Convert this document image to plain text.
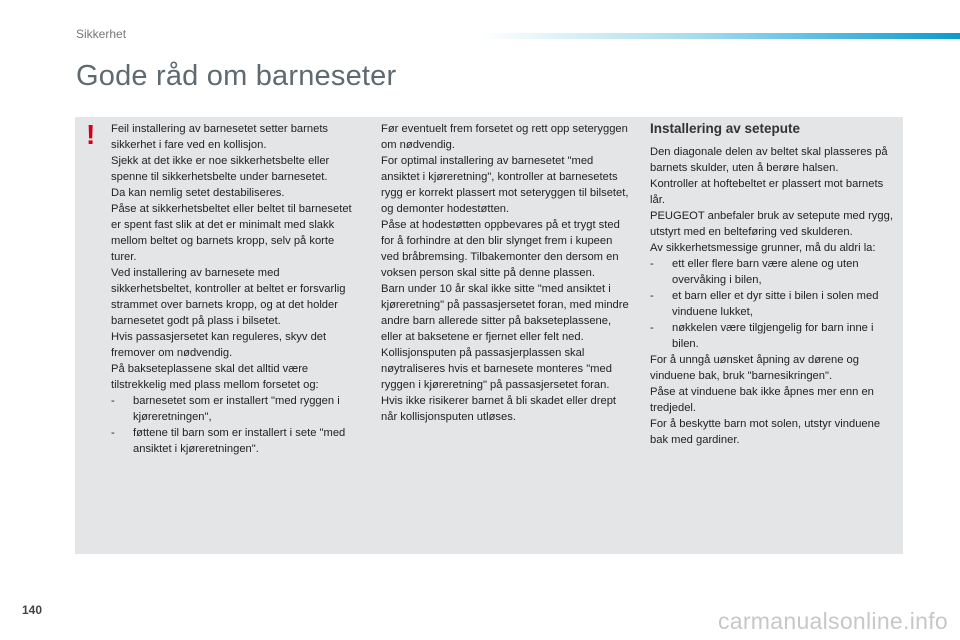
Sikkerhet
Gode råd om barneseter
! Feil installering av barnesetet setter barnets sikkerhet i fare ved en kollisjon.

Sjekk at det ikke er noe sikkerhetsbelte eller spenne til sikkerhetsbelte under barnesetet.

Da kan nemlig setet destabiliseres.

Påse at sikkerhetsbeltet eller beltet til barnesetet er spent fast slik at det er minimalt med slakk mellom beltet og barnets kropp, selv på korte turer.

Ved installering av barnesete med sikkerhetsbeltet, kontroller at beltet er forsvarlig strammet over barnets kropp, og at det holder barnesetet godt på plass i bilsetet.

Hvis passasjersetet kan reguleres, skyv det fremover om nødvendig.

På bakseteplassene skal det alltid være tilstrekkelig med plass mellom forsetet og:

- barnesetet som er installert "med ryggen i kjøreretningen",
- føttene til barn som er installert i sete "med ansiktet i kjøreretningen".

Før eventuelt frem forsetet og rett opp seteryggen om nødvendig.

For optimal installering av barnesetet "med ansiktet i kjøreretning", kontroller at barnesetets rygg er korrekt plassert mot seteryggen til bilsetet, og demonter hodestøtten.

Påse at hodestøtten oppbevares på et trygt sted for å forhindre at den blir slynget frem i kupeen ved bråbremsing. Tilbakemonter den dersom en voksen person skal sitte på denne plassen.

Barn under 10 år skal ikke sitte "med ansiktet i kjøreretning" på passasjersetet foran, med mindre andre barn allerede sitter på bakseteplassene, eller at baksetene er fjernet eller felt ned.

Kollisjonsputen på passasjerplassen skal nøytraliseres hvis et barnesete monteres "med ryggen i kjøreretning" på passasjersetet foran.

Hvis ikke risikerer barnet å bli skadet eller drept når kollisjonsputen utløses.

Installering av setepute

Den diagonale delen av beltet skal plasseres på barnets skulder, uten å berøre halsen.

Kontroller at hoftebeltet er plassert mot barnets lår.

PEUGEOT anbefaler bruk av setepute med rygg, utstyrt med en belteføring ved skulderen.

Av sikkerhetsmessige grunner, må du aldri la:

- ett eller flere barn være alene og uten overvåking i bilen,
- et barn eller et dyr sitte i bilen i solen med vinduene lukket,
- nøkkelen være tilgjengelig for barn inne i bilen.

For å unngå uønsket åpning av dørene og vinduene bak, bruk "barnesikringen".

Påse at vinduene bak ikke åpnes mer enn en tredjedel.

For å beskytte barn mot solen, utstyr vinduene bak med gardiner.

140	carmanualsonline.info
